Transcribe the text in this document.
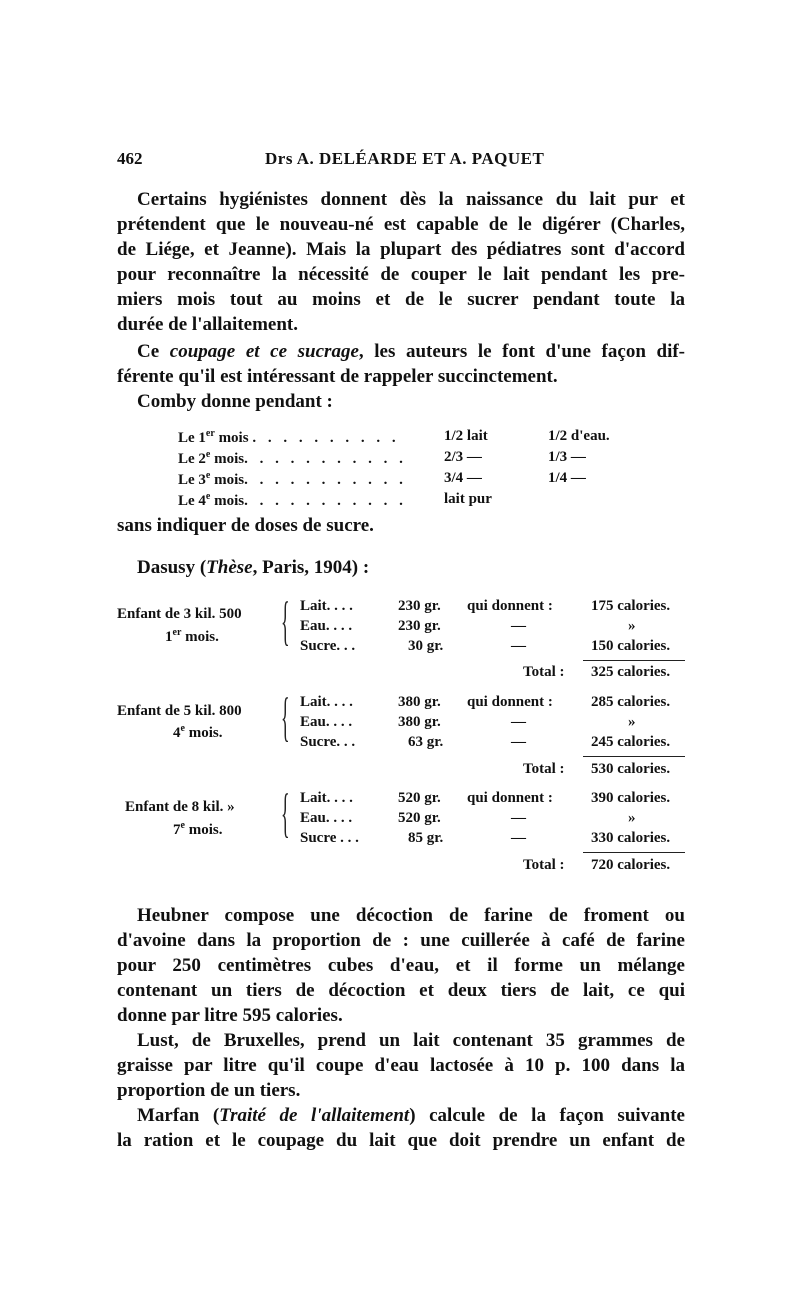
462	Drs A. DELÉARDE ET A. PAQUET
Certains hygiénistes donnent dès la naissance du lait pur et
prétendent que le nouveau-né est capable de le digérer (Charles,
de Liége, et Jeanne). Mais la plupart des pédiatres sont d'accord
pour reconnaître la nécessité de couper le lait pendant les pre-
miers mois tout au moins et de le sucrer pendant toute la
durée de l'allaitement.
Ce coupage et ce sucrage, les auteurs le font d'une façon dif-
férente qu'il est intéressant de rappeler succinctement.
Comby donne pendant :
Le 1er mois . . . . . . . . . .	1/2 lait	1/2 d'eau.
Le 2e mois. . . . . . . . . . . 2/3 —	1/3 —
Le 3e mois. . . . . . . . . . . 3/4 —	1/4 —
Le 4e mois. . . . . . . . . . . lait pur
sans indiquer de doses de sucre.
Dasusy (Thèse, Paris, 1904) :
Enfant de 3 kil. 500
1er mois.	{ Lait. . . .	230 gr. qui donnent :	175 calories.
Eau. . . .	230 gr.	—	»
Sucre. . .	30 gr.	—	150 calories.
Total : 325 calories.
Enfant de 5 kil. 800
4e mois.	{ Lait. . . .	380 gr. qui donnent :	285 calories.
Eau. . . .	380 gr.	—	»
Sucre. . .	63 gr.	—	245 calories.
Total : 530 calories.
Enfant de 8 kil. »
7e mois.	{ Lait. . . .	520 gr. qui donnent :	390 calories.
Eau. . . .	520 gr.	—	»
Sucre . . .	85 gr.	—	330 calories.
Total : 720 calories.
Heubner compose une décoction de farine de froment ou
d'avoine dans la proportion de : une cuillerée à café de farine
pour 250 centimètres cubes d'eau, et il forme un mélange
contenant un tiers de décoction et deux tiers de lait, ce qui
donne par litre 595 calories.
Lust, de Bruxelles, prend un lait contenant 35 grammes de
graisse par litre qu'il coupe d'eau lactosée à 10 p. 100 dans la
proportion de un tiers.
Marfan (Traité de l'allaitement) calcule de la façon suivante
la ration et le coupage du lait que doit prendre un enfant de
